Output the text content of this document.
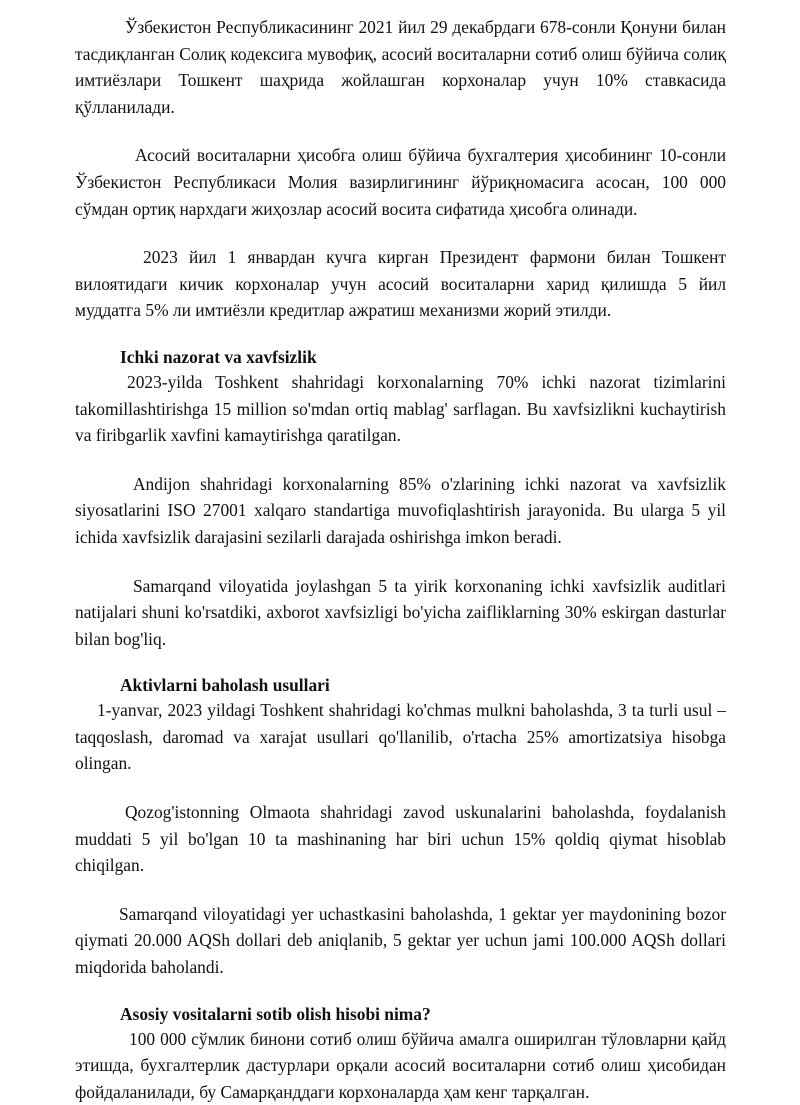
Ўзбекистон Республикасининг 2021 йил 29 декабрдаги 678-сонли Қонуни билан тасдиқланган Солиқ кодексига мувофиқ, асосий воситаларни сотиб олиш бўйича солиқ имтиёзлари Тошкент шаҳрида жойлашган корхоналар учун 10% ставкасида қўлланилади.

Асосий воситаларни ҳисобга олиш бўйича бухгалтерия ҳисобининг 10-сонли Ўзбекистон Республикаси Молия вазирлигининг йўриқномасига асосан, 100 000 сўмдан ортиқ нархдаги жиҳозлар асосий восита сифатида ҳисобга олинади.

2023 йил 1 январдан кучга кирган Президент фармони билан Тошкент вилоятидаги кичик корхоналар учун асосий воситаларни харид қилишда 5 йил муддатга 5% ли имтиёзли кредитлар ажратиш механизми жорий этилди.

Ichki nazorat va xavfsizlik

2023-yilda Toshkent shahridagi korxonalarning 70% ichki nazorat tizimlarini takomillashtirishga 15 million so'mdan ortiq mablag' sarflagan. Bu xavfsizlikni kuchaytirish va firibgarlik xavfini kamaytirishga qaratilgan.

Andijon shahridagi korxonalarning 85% o'zlarining ichki nazorat va xavfsizlik siyosatlarini ISO 27001 xalqaro standartiga muvofiqlashtirish jarayonida. Bu ularga 5 yil ichida xavfsizlik darajasini sezilarli darajada oshirishga imkon beradi.

Samarqand viloyatida joylashgan 5 ta yirik korxonaning ichki xavfsizlik auditlari natijalari shuni ko'rsatdiki, axborot xavfsizligi bo'yicha zaifliklarning 30% eskirgan dasturlar bilan bog'liq.

Aktivlarni baholash usullari

1-yanvar, 2023 yildagi Toshkent shahridagi ko'chmas mulkni baholashda, 3 ta turli usul – taqqoslash, daromad va xarajat usullari qo'llanilib, o'rtacha 25% amortizatsiya hisobga olingan.

Qozog'istonning Olmaota shahridagi zavod uskunalarini baholashda, foydalanish muddati 5 yil bo'lgan 10 ta mashinaning har biri uchun 15% qoldiq qiymat hisoblab chiqilgan.

Samarqand viloyatidagi yer uchastkasini baholashda, 1 gektar yer maydonining bozor qiymati 20.000 AQSh dollari deb aniqlanib, 5 gektar yer uchun jami 100.000 AQSh dollari miqdorida baholandi.

Asosiy vositalarni sotib olish hisobi nima?

100 000 сўмлик бинони сотиб олиш бўйича амалга оширилган тўловларни қайд этишда, бухгалтерлик дастурлари орқали асосий воситаларни сотиб олиш ҳисобидан фойдаланилади, бу Самарқанддаги корхоналарда ҳам кенг тарқалган.
